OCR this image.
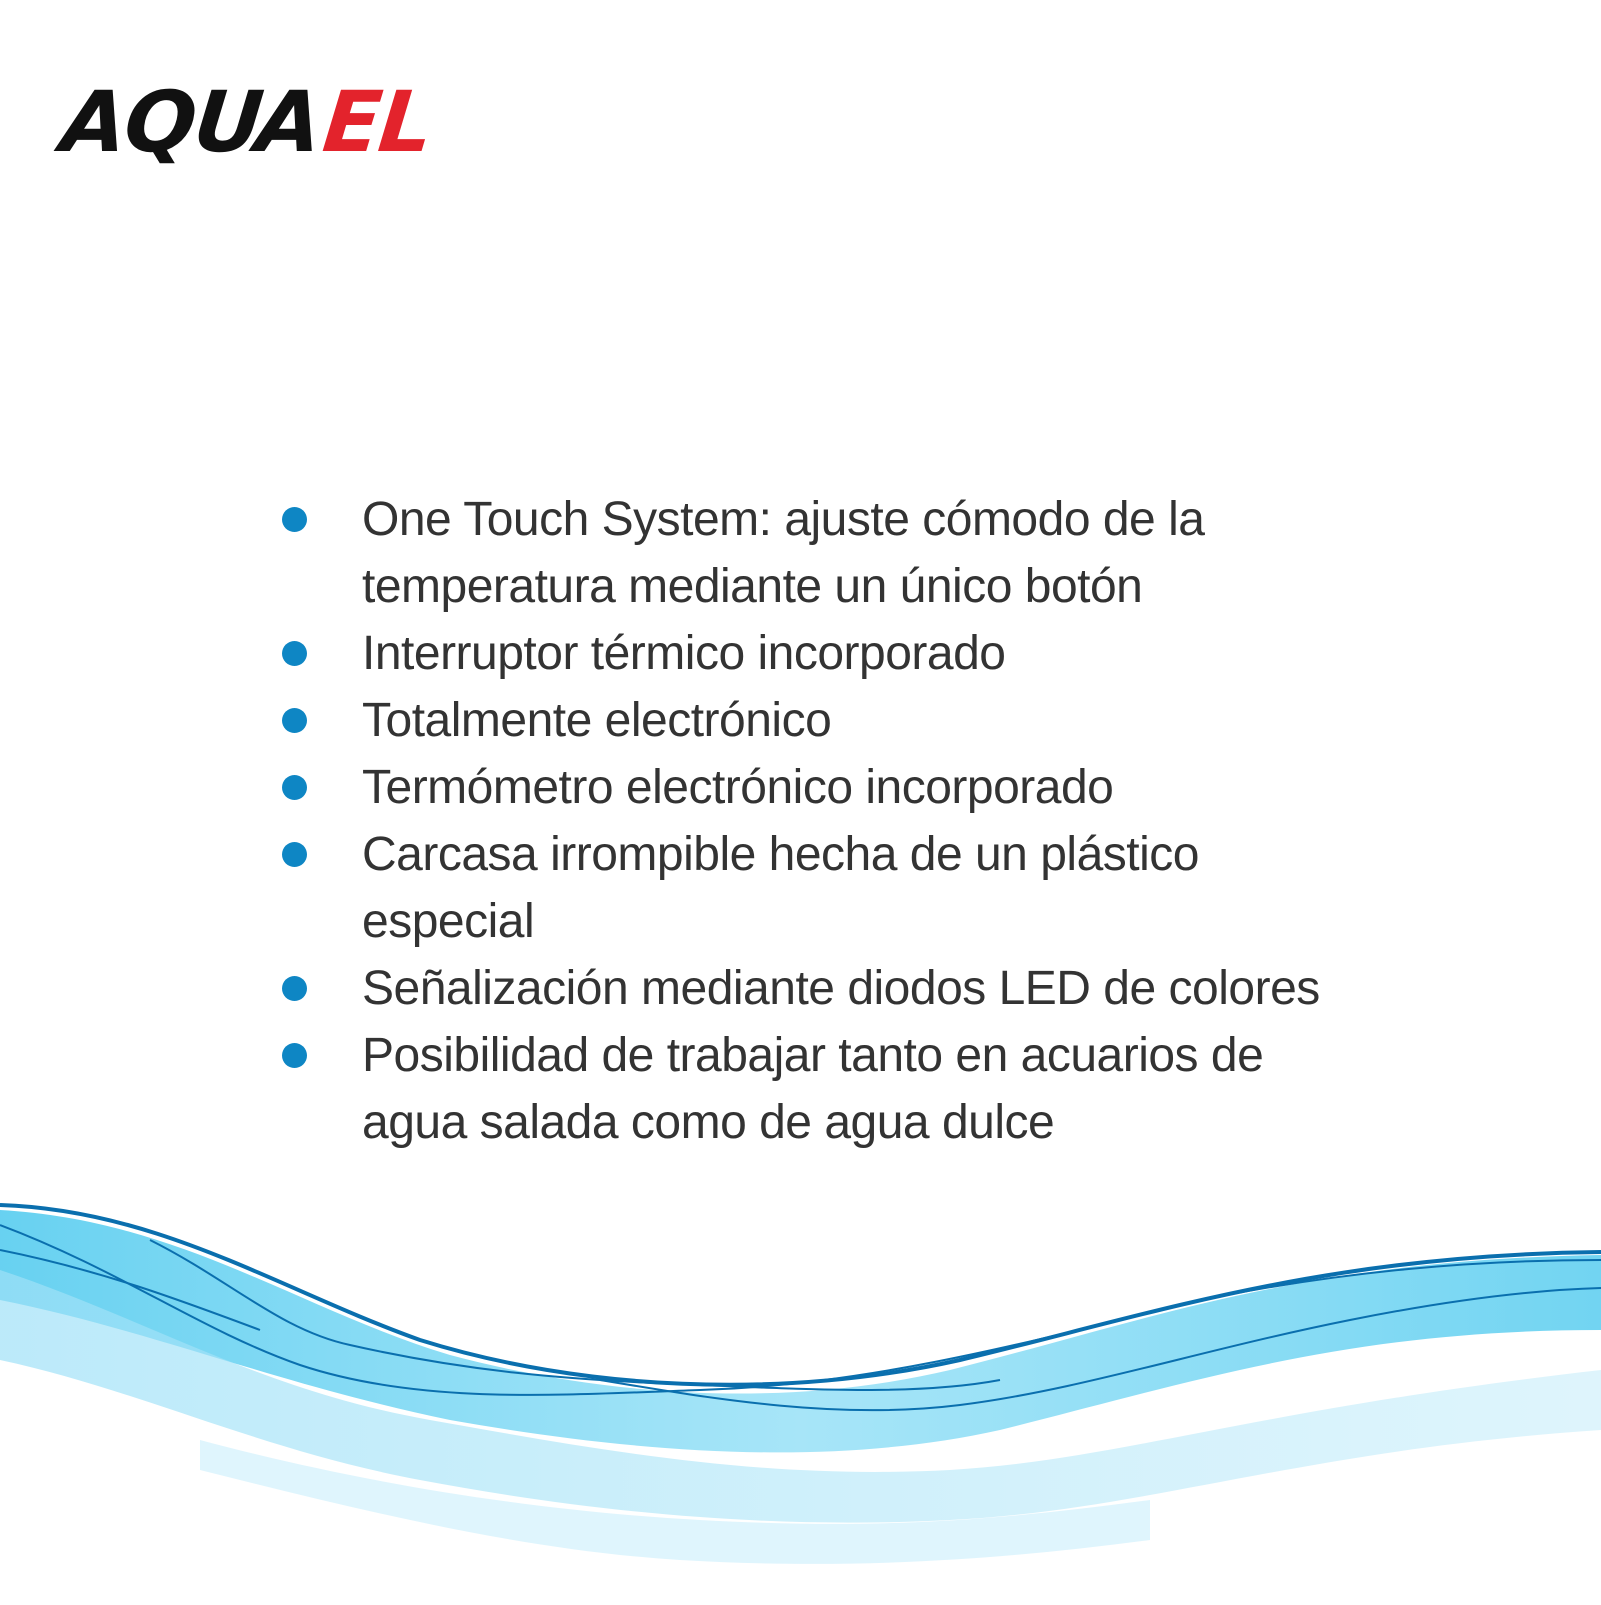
AQUAEL
One Touch System: ajuste cómodo de la temperatura mediante un único botón
Interruptor térmico incorporado
Totalmente electrónico
Termómetro electrónico incorporado
Carcasa irrompible hecha de un plástico especial
Señalización mediante diodos LED de colores
Posibilidad de trabajar tanto en acuarios de agua salada como de agua dulce
